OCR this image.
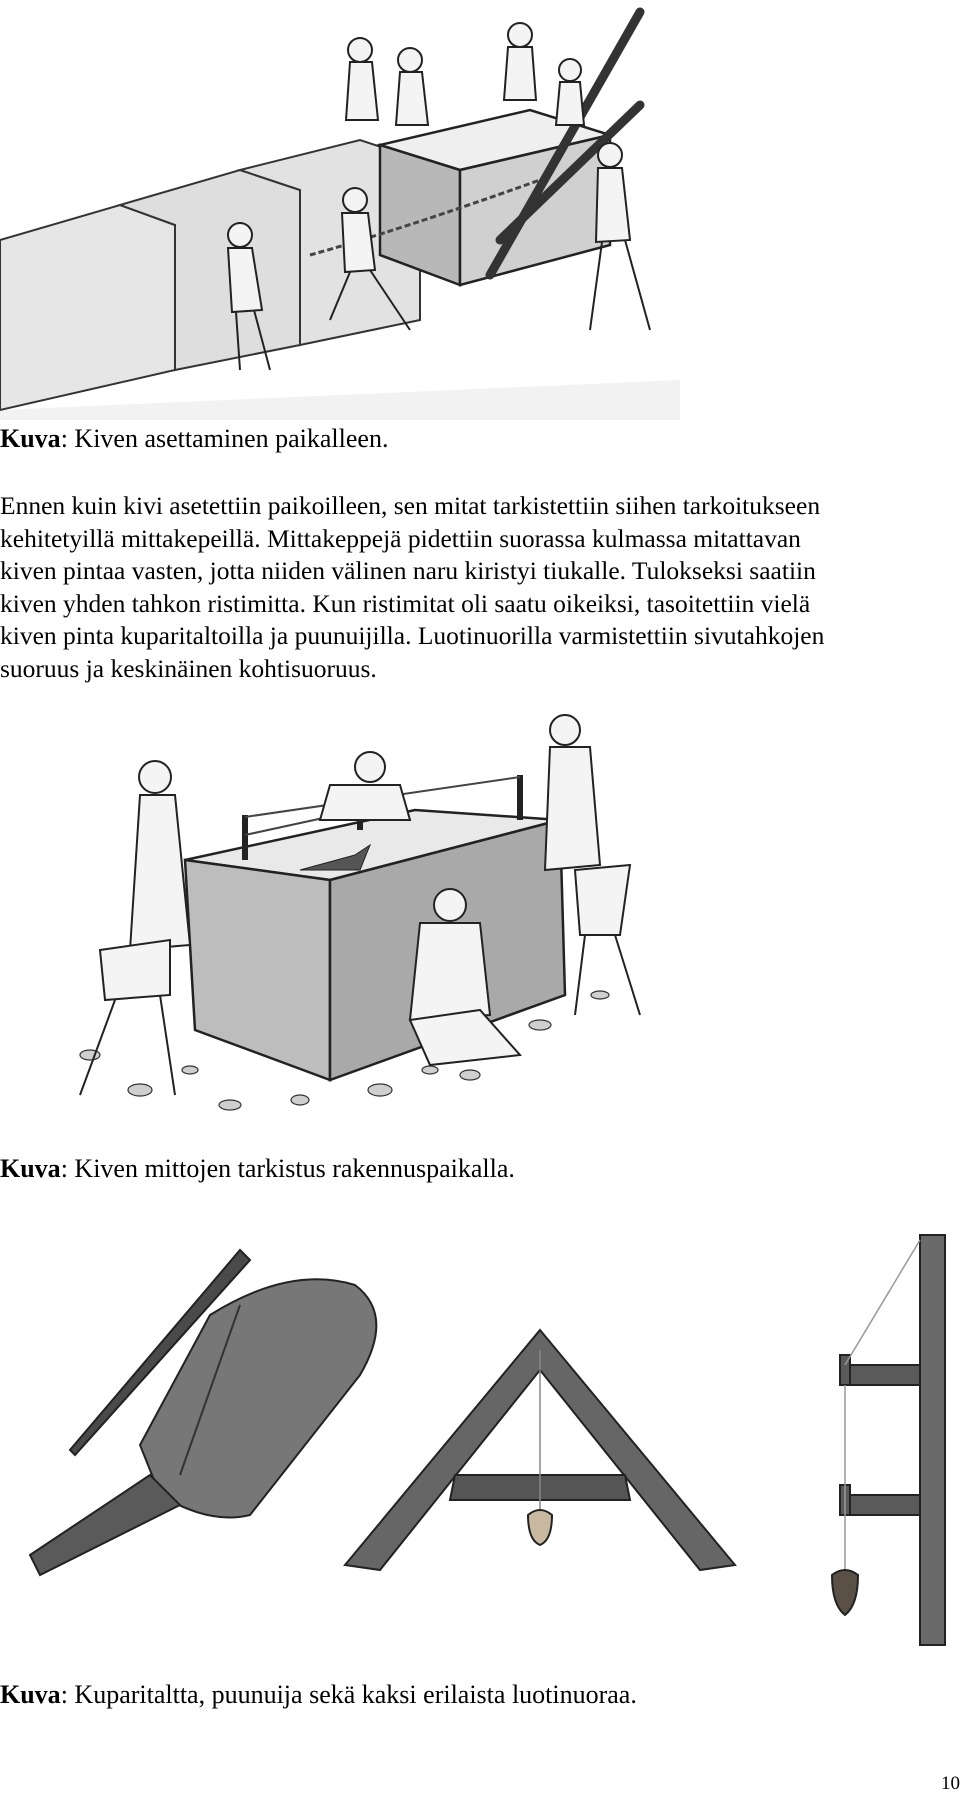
Kuva: Kiven asettaminen paikalleen.

Ennen kuin kivi asetettiin paikoilleen, sen mitat tarkistettiin siihen tarkoitukseen

kehitetyillä mittakepeillä. Mittakeppejä pidettiin suorassa kulmassa mitattavan

kiven pintaa vasten, jotta niiden välinen naru kiristyi tiukalle. Tulokseksi saatiin

kiven yhden tahkon ristimitta. Kun ristimitat oli saatu oikeiksi, tasoitettiin vielä

kiven pinta kuparitaltoilla ja puunuijilla. Luotinuorilla varmistettiin sivutahkojen

suoruus ja keskinäinen kohtisuoruus.

Kuva: Kiven mittojen tarkistus rakennuspaikalla.
Kuva: Kuparitaltta, puunuija sekä kaksi erilaista luotinuoraa.
10
